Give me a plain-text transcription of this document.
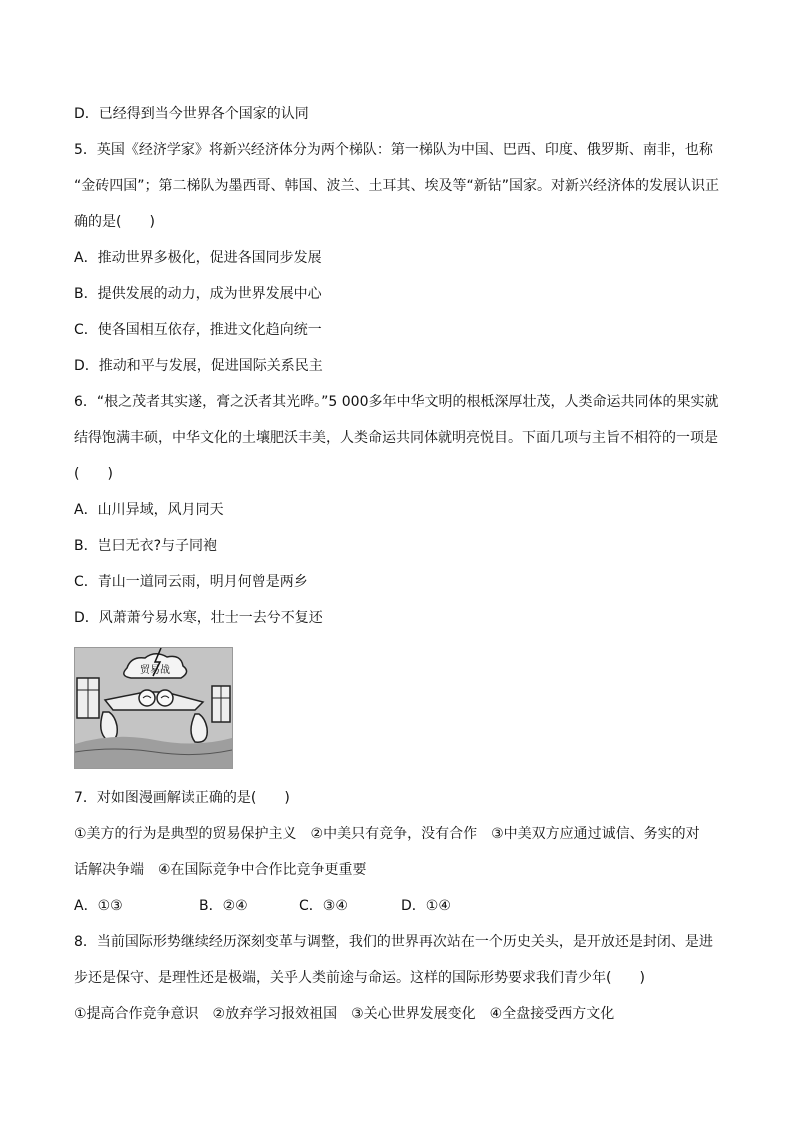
D．已经得到当今世界各个国家的认同
5．英国《经济学家》将新兴经济体分为两个梯队：第一梯队为中国、巴西、印度、俄罗斯、南非，也称
“金砖四国”；第二梯队为墨西哥、韩国、波兰、土耳其、埃及等“新钻”国家。对新兴经济体的发展认识正
确的是(　　)
A．推动世界多极化，促进各国同步发展
B．提供发展的动力，成为世界发展中心
C．使各国相互依存，推进文化趋向统一
D．推动和平与发展，促进国际关系民主
6．“根之茂者其实遂，膏之沃者其光晔。”5 000多年中华文明的根柢深厚壮茂，人类命运共同体的果实就
结得饱满丰硕，中华文化的土壤肥沃丰美，人类命运共同体就明亮悦目。下面几项与主旨不相符的一项是
(　　)
A．山川异域，风月同天
B．岂曰无衣?与子同袍
C．青山一道同云雨，明月何曾是两乡
D．风萧萧兮易水寒，壮士一去兮不复还
贸易战
7．对如图漫画解读正确的是(　　)
①美方的行为是典型的贸易保护主义　②中美只有竞争，没有合作　③中美双方应通过诚信、务实的对
话解决争端　④在国际竞争中合作比竞争更重要
A．①③	B．②④	C．③④	D．①④
8．当前国际形势继续经历深刻变革与调整，我们的世界再次站在一个历史关头，是开放还是封闭、是进
步还是保守、是理性还是极端，关乎人类前途与命运。这样的国际形势要求我们青少年(　　)
①提高合作竞争意识　②放弃学习报效祖国　③关心世界发展变化　④全盘接受西方文化
